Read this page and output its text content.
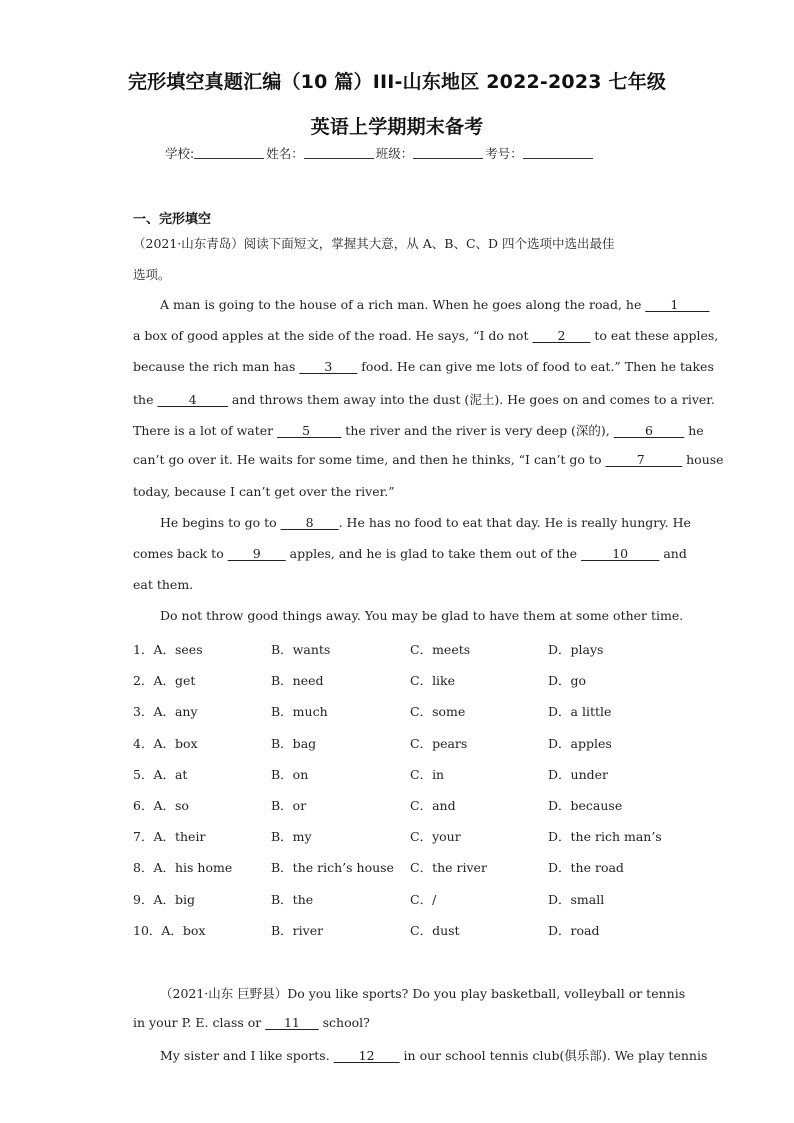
完形填空真题汇编（10 篇）III-山东地区 2022-2023 七年级
英语上学期期末备考
学校:	姓名：	班级：	考号：
一、完形填空
（2021·山东青岛）阅读下面短文，掌握其大意，从 A、B、C、D 四个选项中选出最佳
选项。
A man is going to the house of a rich man. When he goes along the road, he ____1_____
a box of good apples at the side of the road. He says, “I do not ____2____ to eat these apples,
because the rich man has ____3____ food. He can give me lots of food to eat.” Then he takes
the _____4_____ and throws them away into the dust (泥土). He goes on and comes to a river.
There is a lot of water ____5_____ the river and the river is very deep (深的), _____6_____ he
can’t go over it. He waits for some time, and then he thinks, “I can’t go to _____7______ house
today, because I can’t get over the river.”
He begins to go to ____8____. He has no food to eat that day. He is really hungry. He
comes back to ____9____ apples, and he is glad to take them out of the _____10_____ and
eat them.
Do not throw good things away. You may be glad to have them at some other time.
1．A．sees	B．wants	C．meets	D．plays
2．A．get	B．need	C．like	D．go
3．A．any	B．much	C．some	D．a little
4．A．box	B．bag	C．pears	D．apples
5．A．at	B．on	C．in	D．under
6．A．so	B．or	C．and	D．because
7．A．their	B．my	C．your	D．the rich man’s
8．A．his home	B．the rich’s house C．the river	D．the road
9．A．big	B．the	C．/	D．small
10．A．box	B．river	C．dust	D．road
（2021·山东 巨野县）Do you like sports? Do you play basketball, volleyball or tennis
in your P. E. class or ___11___ school?
My sister and I like sports. ____12____ in our school tennis club(俱乐部). We play tennis
